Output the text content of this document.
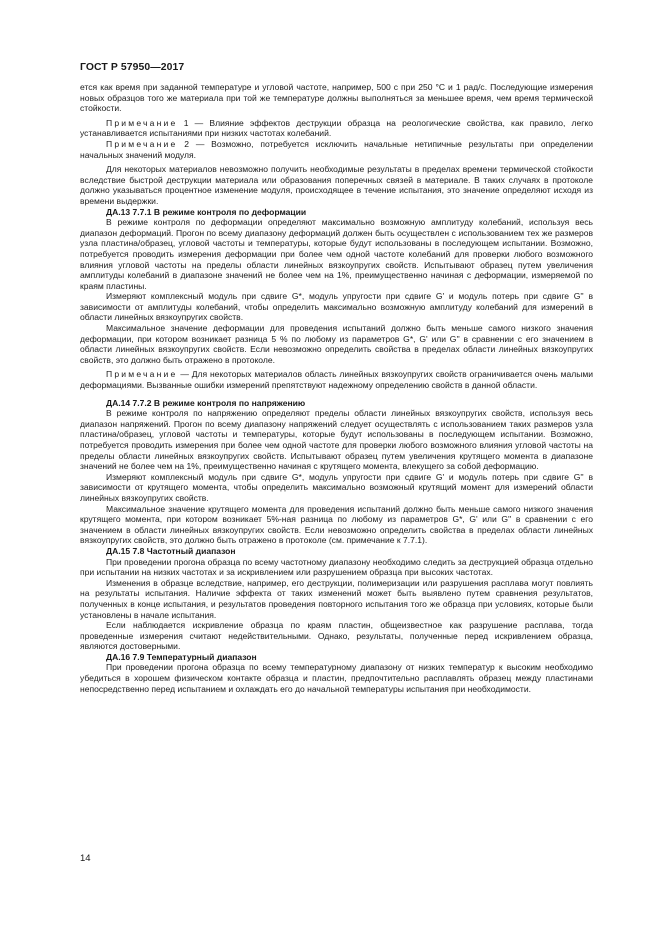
ГОСТ Р 57950—2017

ется как время при заданной температуре и угловой частоте, например, 500 с при 250 °С и 1 рад/с. Последующие измерения новых образцов того же материала при той же температуре должны выполняться за меньшее время, чем время термической стойкости.

Примечание 1 — Влияние эффектов деструкции образца на реологические свойства, как правило, легко устанавливается испытаниями при низких частотах колебаний.

Примечание 2 — Возможно, потребуется исключить начальные нетипичные результаты при определении начальных значений модуля.

Для некоторых материалов невозможно получить необходимые результаты в пределах времени термической стойкости вследствие быстрой деструкции материала или образования поперечных связей в материале. В таких случаях в протоколе должно указываться процентное изменение модуля, происходящее в течение испытания, это значение определяют исходя из времени выдержки.

ДА.13 7.7.1 В режиме контроля по деформации

В режиме контроля по деформации определяют максимально возможную амплитуду колебаний, используя весь диапазон деформаций. Прогон по всему диапазону деформаций должен быть осуществлен с использованием тех же размеров узла пластина/образец, угловой частоты и температуры, которые будут использованы в последующем испытании. Возможно, потребуется проводить измерения деформации при более чем одной частоте колебаний для проверки любого возможного влияния угловой частоты на пределы области линейных вязкоупругих свойств. Испытывают образец путем увеличения амплитуды колебаний в диапазоне значений не более чем на 1%, преимущественно начиная с деформации, измеряемой по краям пластины.

Измеряют комплексный модуль при сдвиге G*, модуль упругости при сдвиге G' и модуль потерь при сдвиге G'' в зависимости от амплитуды колебаний, чтобы определить максимально возможную амплитуду колебаний для измерений в области линейных вязкоупругих свойств.

Максимальное значение деформации для проведения испытаний должно быть меньше самого низкого значения деформации, при котором возникает разница 5 % по любому из параметров G*, G' или G'' в сравнении с его значением в области линейных вязкоупругих свойств. Если невозможно определить свойства в пределах области линейных вязкоупругих свойств, это должно быть отражено в протоколе.

Примечание — Для некоторых материалов область линейных вязкоупругих свойств ограничивается очень малыми деформациями. Вызванные ошибки измерений препятствуют надежному определению свойств в данной области.

ДА.14 7.7.2 В режиме контроля по напряжению

В режиме контроля по напряжению определяют пределы области линейных вязкоупругих свойств, используя весь диапазон напряжений. Прогон по всему диапазону напряжений следует осуществлять с использованием таких размеров узла пластина/образец, угловой частоты и температуры, которые будут использованы в последующем испытании. Возможно, потребуется проводить измерения при более чем одной частоте для проверки любого возможного влияния угловой частоты на пределы области линейных вязкоупругих свойств. Испытывают образец путем увеличения крутящего момента в диапазоне значений не более чем на 1%, преимущественно начиная с крутящего момента, влекущего за собой деформацию.

Измеряют комплексный модуль при сдвиге G*, модуль упругости при сдвиге G' и модуль потерь при сдвиге G'' в зависимости от крутящего момента, чтобы определить максимально возможный крутящий момент для измерений области линейных вязкоупругих свойств.

Максимальное значение крутящего момента для проведения испытаний должно быть меньше самого низкого значения крутящего момента, при котором возникает 5%-ная разница по любому из параметров G*, G' или G'' в сравнении с его значением в области линейных вязкоупругих свойств. Если невозможно определить свойства в пределах области линейных вязкоупругих свойств, это должно быть отражено в протоколе (см. примечание к 7.7.1).

ДА.15 7.8 Частотный диапазон

При проведении прогона образца по всему частотному диапазону необходимо следить за деструкцией образца отдельно при испытании на низких частотах и за искривлением или разрушением образца при высоких частотах.

Изменения в образце вследствие, например, его деструкции, полимеризации или разрушения расплава могут повлиять на результаты испытания. Наличие эффекта от таких изменений может быть выявлено путем сравнения результатов, полученных в конце испытания, и результатов проведения повторного испытания того же образца при условиях, которые были установлены в начале испытания.

Если наблюдается искривление образца по краям пластин, общеизвестное как разрушение расплава, тогда проведенные измерения считают недействительными. Однако, результаты, полученные перед искривлением образца, являются достоверными.

ДА.16 7.9 Температурный диапазон

При проведении прогона образца по всему температурному диапазону от низких температур к высоким необходимо убедиться в хорошем физическом контакте образца и пластин, предпочтительно расплавлять образец между пластинами непосредственно перед испытанием и охлаждать его до начальной температуры испытания при необходимости.

14
